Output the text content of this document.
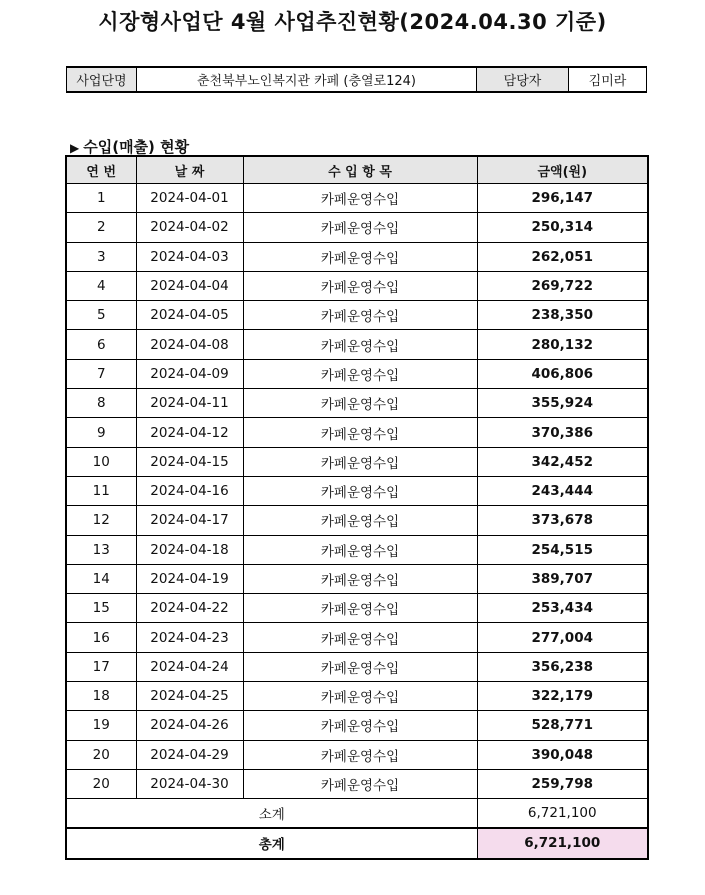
시장형사업단 4월 사업추진현황(2024.04.30 기준)
사업단명	춘천북부노인복지관 카페 (충열로124)	담당자	김미라
▶ 수입(매출) 현황
연 번	날 짜	수 입 항 목	금액(원)
1	2024-04-01	카페운영수입	296,147
2	2024-04-02	카페운영수입	250,314
3	2024-04-03	카페운영수입	262,051
4	2024-04-04	카페운영수입	269,722
5	2024-04-05	카페운영수입	238,350
6	2024-04-08	카페운영수입	280,132
7	2024-04-09	카페운영수입	406,806
8	2024-04-11	카페운영수입	355,924
9	2024-04-12	카페운영수입	370,386
10	2024-04-15	카페운영수입	342,452
11	2024-04-16	카페운영수입	243,444
12	2024-04-17	카페운영수입	373,678
13	2024-04-18	카페운영수입	254,515
14	2024-04-19	카페운영수입	389,707
15	2024-04-22	카페운영수입	253,434
16	2024-04-23	카페운영수입	277,004
17	2024-04-24	카페운영수입	356,238
18	2024-04-25	카페운영수입	322,179
19	2024-04-26	카페운영수입	528,771
20	2024-04-29	카페운영수입	390,048
20	2024-04-30	카페운영수입	259,798
소계			6,721,100
총계			6,721,100
